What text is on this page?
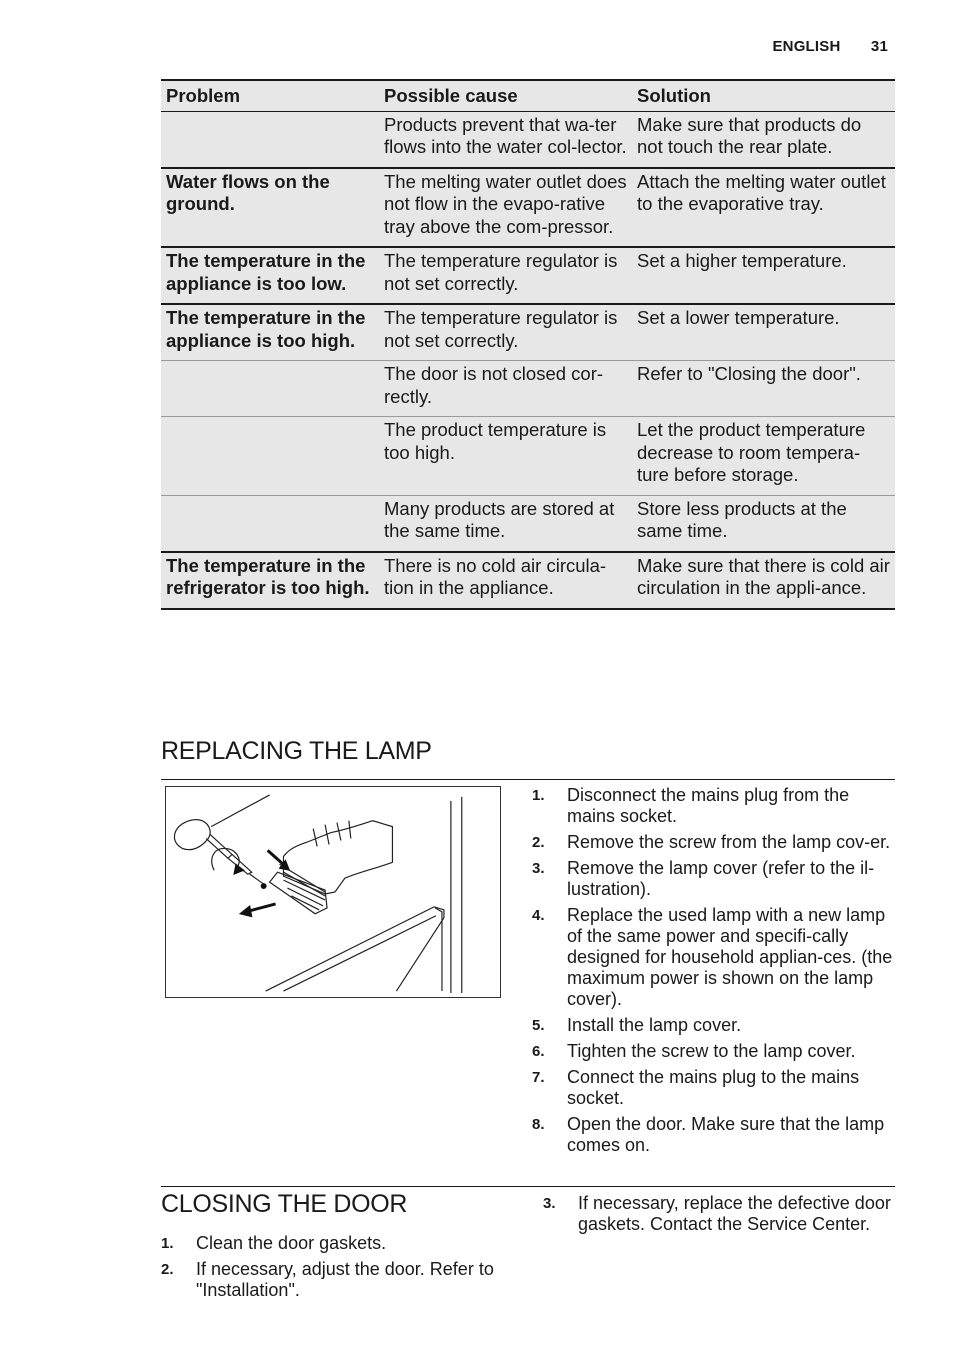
ENGLISH 31
Problem	Possible cause	Solution
	Products prevent that wa-ter flows into the water col-lector.	Make sure that products do not touch the rear plate.
Water flows on the ground.	The melting water outlet does not flow in the evapo-rative tray above the com-pressor.	Attach the melting water outlet to the evaporative tray.
The temperature in the appliance is too low.	The temperature regulator is not set correctly.	Set a higher temperature.
The temperature in the appliance is too high.	The temperature regulator is not set correctly.	Set a lower temperature.
	The door is not closed cor-rectly.	Refer to "Closing the door".
	The product temperature is too high.	Let the product temperature decrease to room tempera-ture before storage.
	Many products are stored at the same time.	Store less products at the same time.
The temperature in the refrigerator is too high.	There is no cold air circula-tion in the appliance.	Make sure that there is cold air circulation in the appli-ance.
REPLACING THE LAMP
1. Disconnect the mains plug from the mains socket.
2. Remove the screw from the lamp cov-er.
3. Remove the lamp cover (refer to the il-lustration).
4. Replace the used lamp with a new lamp of the same power and specifi-cally designed for household applian-ces. (the maximum power is shown on the lamp cover).
5. Install the lamp cover.
6. Tighten the screw to the lamp cover.
7. Connect the mains plug to the mains socket.
8. Open the door. Make sure that the lamp comes on.
CLOSING THE DOOR
1. Clean the door gaskets.
2. If necessary, adjust the door. Refer to "Installation".
3. If necessary, replace the defective door gaskets. Contact the Service Center.
